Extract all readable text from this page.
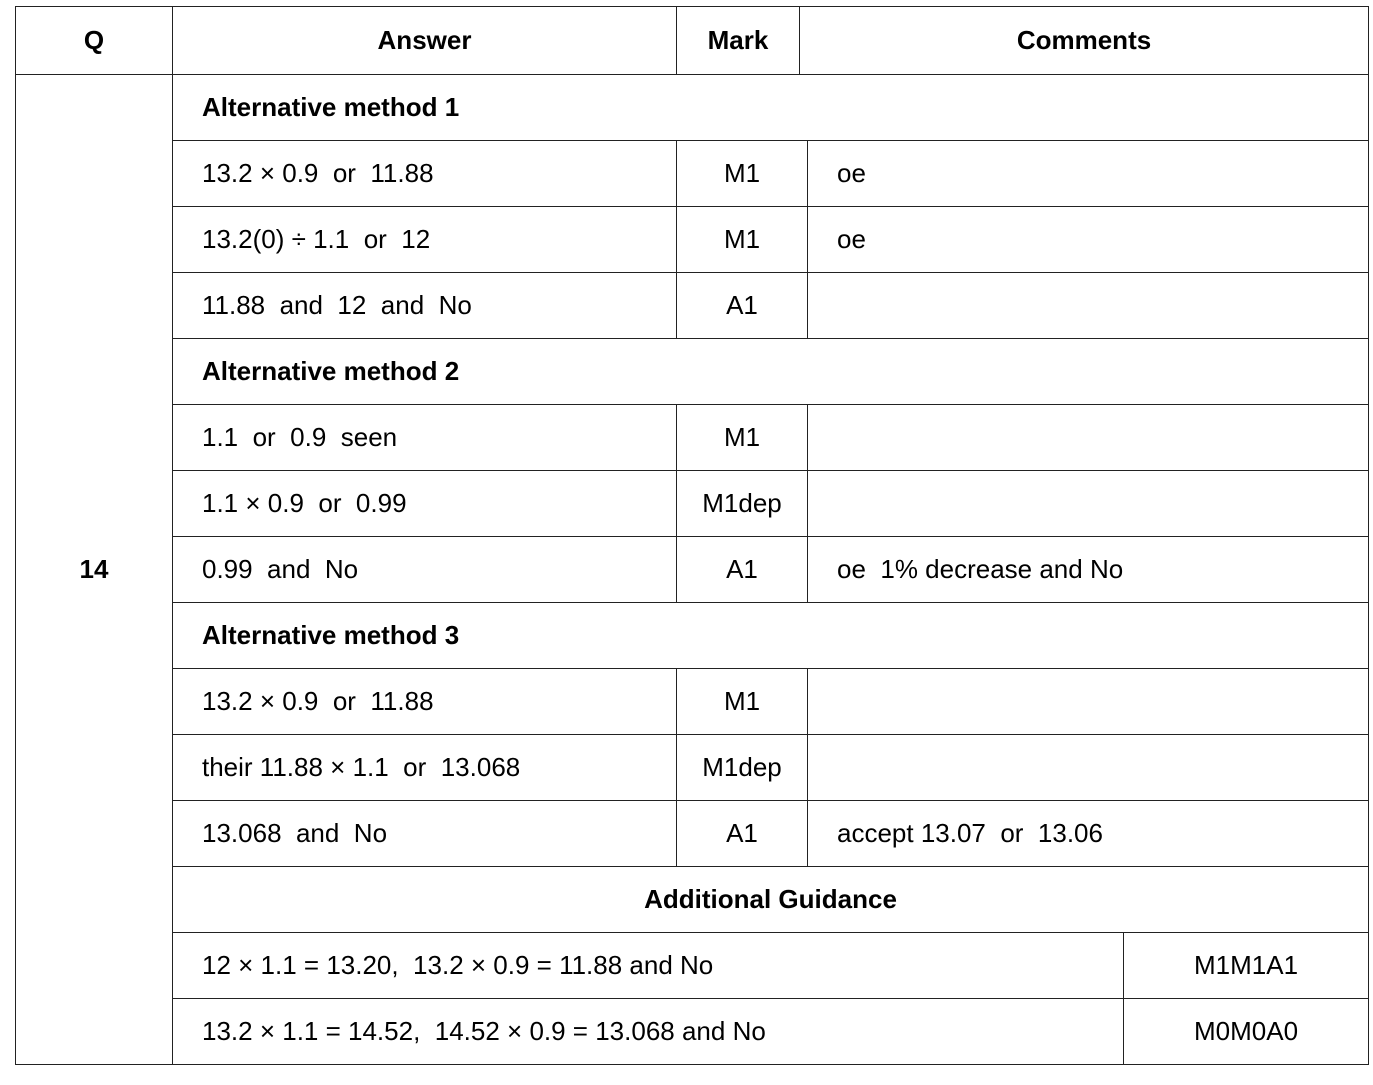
Q	Answer	Mark	Comments		
14	Alternative method 1				
	13.2 × 0.9  or  11.88	M1		oe	
	13.2(0) ÷ 1.1  or  12	M1		oe	
	11.88  and  12  and  No	A1			
	Alternative method 2				
	1.1  or  0.9  seen	M1			
	1.1 × 0.9  or  0.99	M1dep			
	0.99  and  No	A1		oe  1% decrease and No	
	Alternative method 3				
	13.2 × 0.9  or  11.88	M1			
	their 11.88 × 1.1  or  13.068	M1dep			
	13.068  and  No	A1		accept 13.07  or  13.06	
	Additional Guidance				
	12 × 1.1 = 13.20,  13.2 × 0.9 = 11.88 and No				M1M1A1
	13.2 × 1.1 = 14.52,  14.52 × 0.9 = 13.068 and No				M0M0A0
